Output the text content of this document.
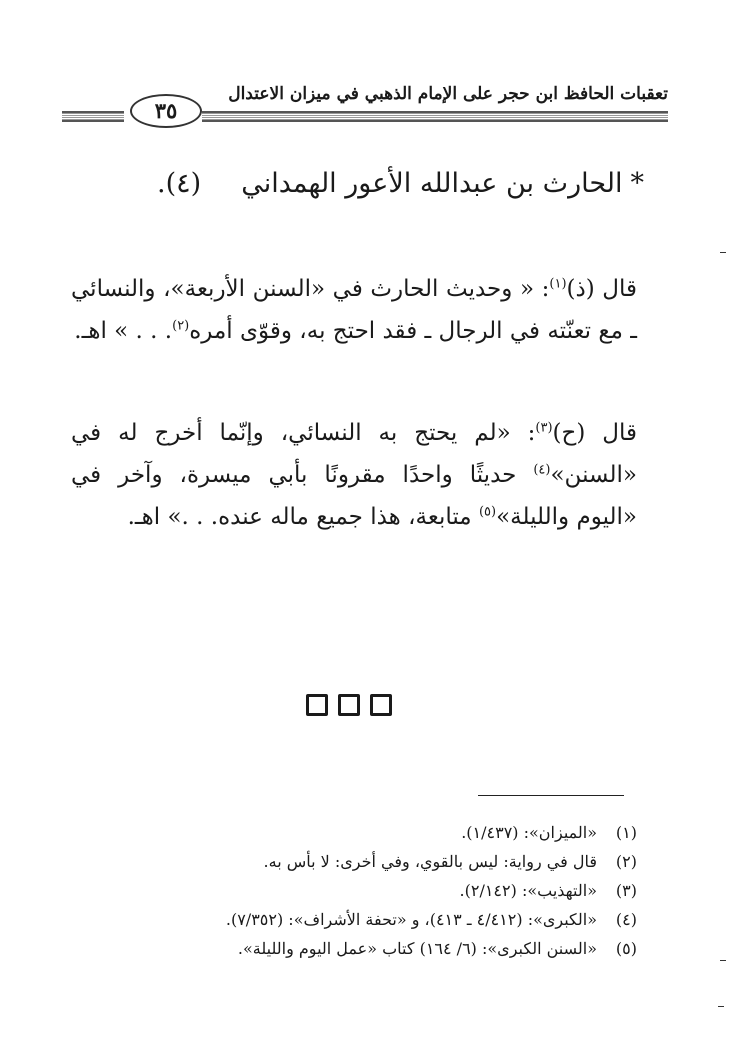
تعقبات الحافظ ابن حجر على الإمام الذهبي في ميزان الاعتدال
٣٥
*الحارث بن عبدالله الأعور الهمداني(٤).
قال (ذ)$^{(١)}$: « وحديث الحارث في «السنن الأربعة»، والنسائي ـ مع تعنّته في الرجال ـ فقد احتج به، وقوّى أمره$^{(٢)}$. . . » اهـ.
قال (ح)$^{(٣)}$: «لم يحتج به النسائي، وإنّما أخرج له في «السنن»$^{(٤)}$ حديثًا واحدًا مقرونًا بأبي ميسرة، وآخر في «اليوم والليلة»$^{(٥)}$ متابعة، هذا جميع ماله عنده. . .» اهـ.
(١)«الميزان»: (١/٤٣٧).
(٢)قال في رواية: ليس بالقوي، وفي أخرى: لا بأس به.
(٣)«التهذيب»: (٢/١٤٢).
(٤)«الكبرى»: (٤/٤١٢ ـ ٤١٣)، و «تحفة الأشراف»: (٧/٣٥٢).
(٥)«السنن الكبرى»: (٦/ ١٦٤) كتاب «عمل اليوم والليلة».
